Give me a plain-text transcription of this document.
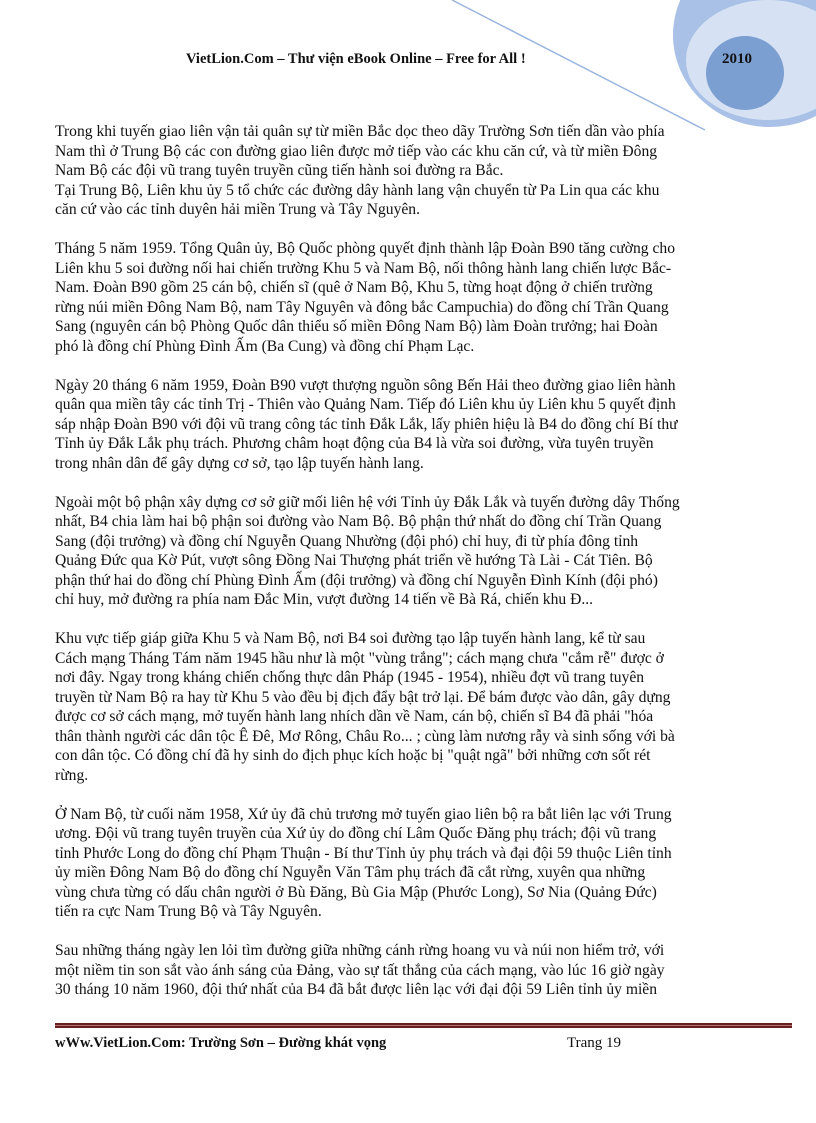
VietLion.Com – Thư viện eBook Online – Free for All !	2010
Trong khi tuyến giao liên vận tải quân sự từ miền Bắc dọc theo dãy Trường Sơn tiến dần vào phía
Nam thì ở Trung Bộ các con đường giao liên được mở tiếp vào các khu căn cứ, và từ miền Đông
Nam Bộ các đội vũ trang tuyên truyền cũng tiến hành soi đường ra Bắc.
Tại Trung Bộ, Liên khu ủy 5 tổ chức các đường dây hành lang vận chuyển từ Pa Lin qua các khu
căn cứ vào các tỉnh duyên hải miền Trung và Tây Nguyên.
Tháng 5 năm 1959. Tổng Quân ủy, Bộ Quốc phòng quyết định thành lập Đoàn B90 tăng cường cho
Liên khu 5 soi đường nối hai chiến trường Khu 5 và Nam Bộ, nối thông hành lang chiến lược Bắc-
Nam. Đoàn B90 gồm 25 cán bộ, chiến sĩ (quê ở Nam Bộ, Khu 5, từng hoạt động ở chiến trường
rừng núi miền Đông Nam Bộ, nam Tây Nguyên và đông bắc Campuchia) do đồng chí Trần Quang
Sang (nguyên cán bộ Phòng Quốc dân thiểu số miền Đông Nam Bộ) làm Đoàn trưởng; hai Đoàn
phó là đồng chí Phùng Đình Ấm (Ba Cung) và đồng chí Phạm Lạc.
Ngày 20 tháng 6 năm 1959, Đoàn B90 vượt thượng nguồn sông Bến Hải theo đường giao liên hành
quân qua miền tây các tỉnh Trị - Thiên vào Quảng Nam. Tiếp đó Liên khu ủy Liên khu 5 quyết định
sáp nhập Đoàn B90 với đội vũ trang công tác tỉnh Đắk Lắk, lấy phiên hiệu là B4 do đồng chí Bí thư
Tỉnh ủy Đắk Lắk phụ trách. Phương châm hoạt động của B4 là vừa soi đường, vừa tuyên truyền
trong nhân dân để gây dựng cơ sở, tạo lập tuyến hành lang.
Ngoài một bộ phận xây dựng cơ sở giữ mối liên hệ với Tỉnh ủy Đắk Lắk và tuyến đường dây Thống
nhất, B4 chia làm hai bộ phận soi đường vào Nam Bộ. Bộ phận thứ nhất do đồng chí Trần Quang
Sang (đội trưởng) và đồng chí Nguyễn Quang Nhường (đội phó) chỉ huy, đi từ phía đông tỉnh
Quảng Đức qua Kờ Pút, vượt sông Đồng Nai Thượng phát triển về hướng Tà Lài - Cát Tiên. Bộ
phận thứ hai do đồng chí Phùng Đình Ấm (đội trưởng) và đồng chí Nguyễn Đình Kính (đội phó)
chỉ huy, mở đường ra phía nam Đắc Min, vượt đường 14 tiến về Bà Rá, chiến khu Đ...
Khu vực tiếp giáp giữa Khu 5 và Nam Bộ, nơi B4 soi đường tạo lập tuyến hành lang, kể từ sau
Cách mạng Tháng Tám năm 1945 hầu như là một "vùng trắng"; cách mạng chưa "cắm rễ" được ở
nơi đây. Ngay trong kháng chiến chống thực dân Pháp (1945 - 1954), nhiều đợt vũ trang tuyên
truyền từ Nam Bộ ra hay từ Khu 5 vào đều bị địch đẩy bật trở lại. Để bám được vào dân, gây dựng
được cơ sở cách mạng, mở tuyến hành lang nhích dần về Nam, cán bộ, chiến sĩ B4 đã phải "hóa
thân thành người các dân tộc Ê Đê, Mơ Rông, Châu Ro... ; cùng làm nương rẫy và sinh sống với bà
con dân tộc. Có đồng chí đã hy sinh do địch phục kích hoặc bị "quật ngã" bởi những cơn sốt rét
rừng.
Ở Nam Bộ, từ cuối năm 1958, Xứ ủy đã chủ trương mở tuyến giao liên bộ ra bắt liên lạc với Trung
ương. Đội vũ trang tuyên truyền của Xứ ủy do đồng chí Lâm Quốc Đăng phụ trách; đội vũ trang
tỉnh Phước Long do đồng chí Phạm Thuận - Bí thư Tỉnh ủy phụ trách và đại đội 59 thuộc Liên tỉnh
ủy miền Đông Nam Bộ do đồng chí Nguyễn Văn Tâm phụ trách đã cắt rừng, xuyên qua những
vùng chưa từng có dấu chân người ở Bù Đăng, Bù Gia Mập (Phước Long), Sơ Nia (Quảng Đức)
tiến ra cực Nam Trung Bộ và Tây Nguyên.
Sau những tháng ngày len lỏi tìm đường giữa những cánh rừng hoang vu và núi non hiểm trở, với
một niềm tin son sắt vào ánh sáng của Đảng, vào sự tất thắng của cách mạng, vào lúc 16 giờ ngày
30 tháng 10 năm 1960, đội thứ nhất của B4 đã bắt được liên lạc với đại đội 59 Liên tỉnh ủy miền
wWw.VietLion.Com: Trường Sơn – Đường khát vọng	Trang 19
